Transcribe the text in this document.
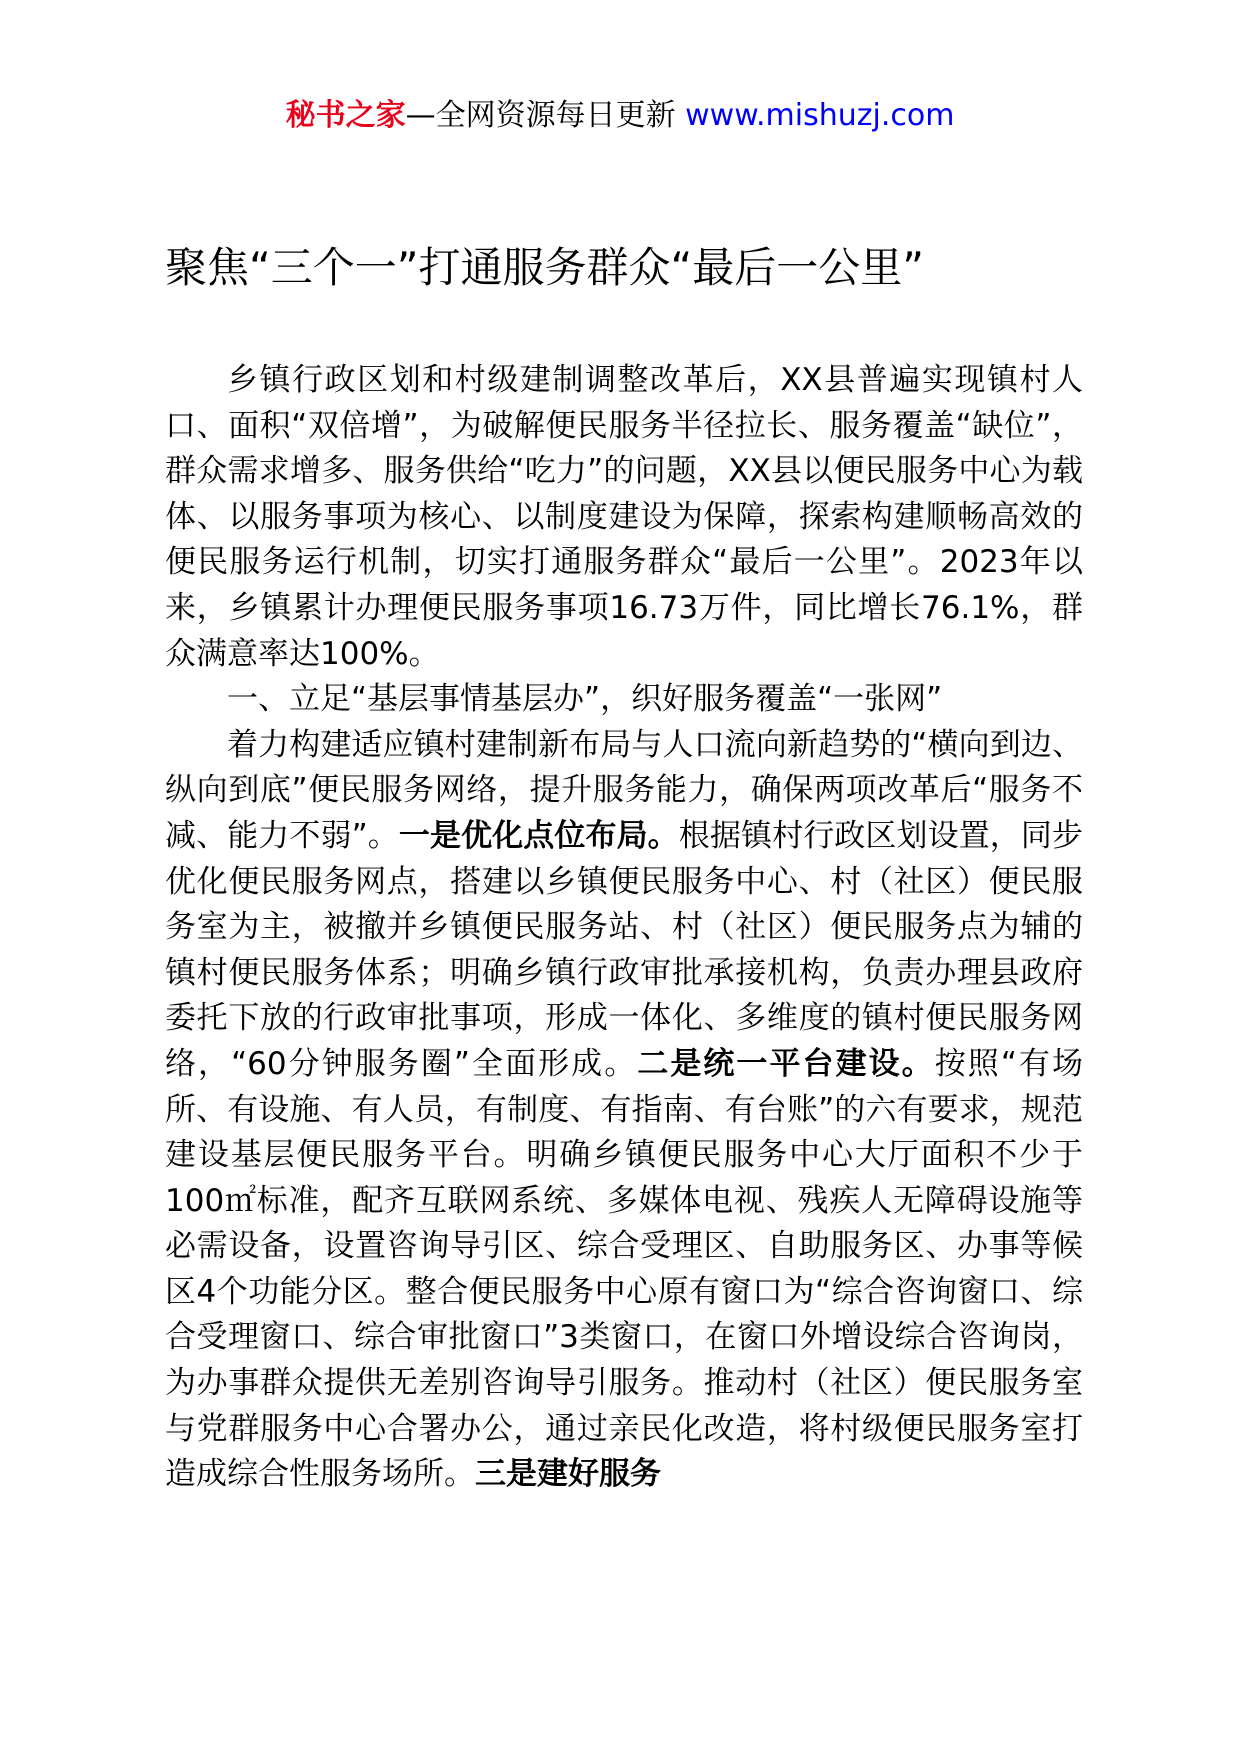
秘书之家—全网资源每日更新 www.mishuzj.com
聚焦“三个一”打通服务群众“最后一公里”

乡镇行政区划和村级建制调整改革后，XX县普遍实现镇村人口、面积“双倍增”，为破解便民服务半径拉长、服务覆盖“缺位”，群众需求增多、服务供给“吃力”的问题，XX县以便民服务中心为载体、以服务事项为核心、以制度建设为保障，探索构建顺畅高效的便民服务运行机制，切实打通服务群众“最后一公里”。2023年以来，乡镇累计办理便民服务事项16.73万件，同比增长76.1%，群众满意率达100%。

一、立足“基层事情基层办”，织好服务覆盖“一张网”

着力构建适应镇村建制新布局与人口流向新趋势的“横向到边、纵向到底”便民服务网络，提升服务能力，确保两项改革后“服务不减、能力不弱”。一是优化点位布局。根据镇村行政区划设置，同步优化便民服务网点，搭建以乡镇便民服务中心、村（社区）便民服务室为主，被撤并乡镇便民服务站、村（社区）便民服务点为辅的镇村便民服务体系；明确乡镇行政审批承接机构，负责办理县政府委托下放的行政审批事项，形成一体化、多维度的镇村便民服务网络，“60分钟服务圈”全面形成。二是统一平台建设。按照“有场所、有设施、有人员，有制度、有指南、有台账”的六有要求，规范建设基层便民服务平台。明确乡镇便民服务中心大厅面积不少于100㎡标准，配齐互联网系统、多媒体电视、残疾人无障碍设施等必需设备，设置咨询导引区、综合受理区、自助服务区、办事等候区4个功能分区。整合便民服务中心原有窗口为“综合咨询窗口、综合受理窗口、综合审批窗口”3类窗口，在窗口外增设综合咨询岗，为办事群众提供无差别咨询导引服务。推动村（社区）便民服务室与党群服务中心合署办公，通过亲民化改造，将村级便民服务室打造成综合性服务场所。三是建好服务
